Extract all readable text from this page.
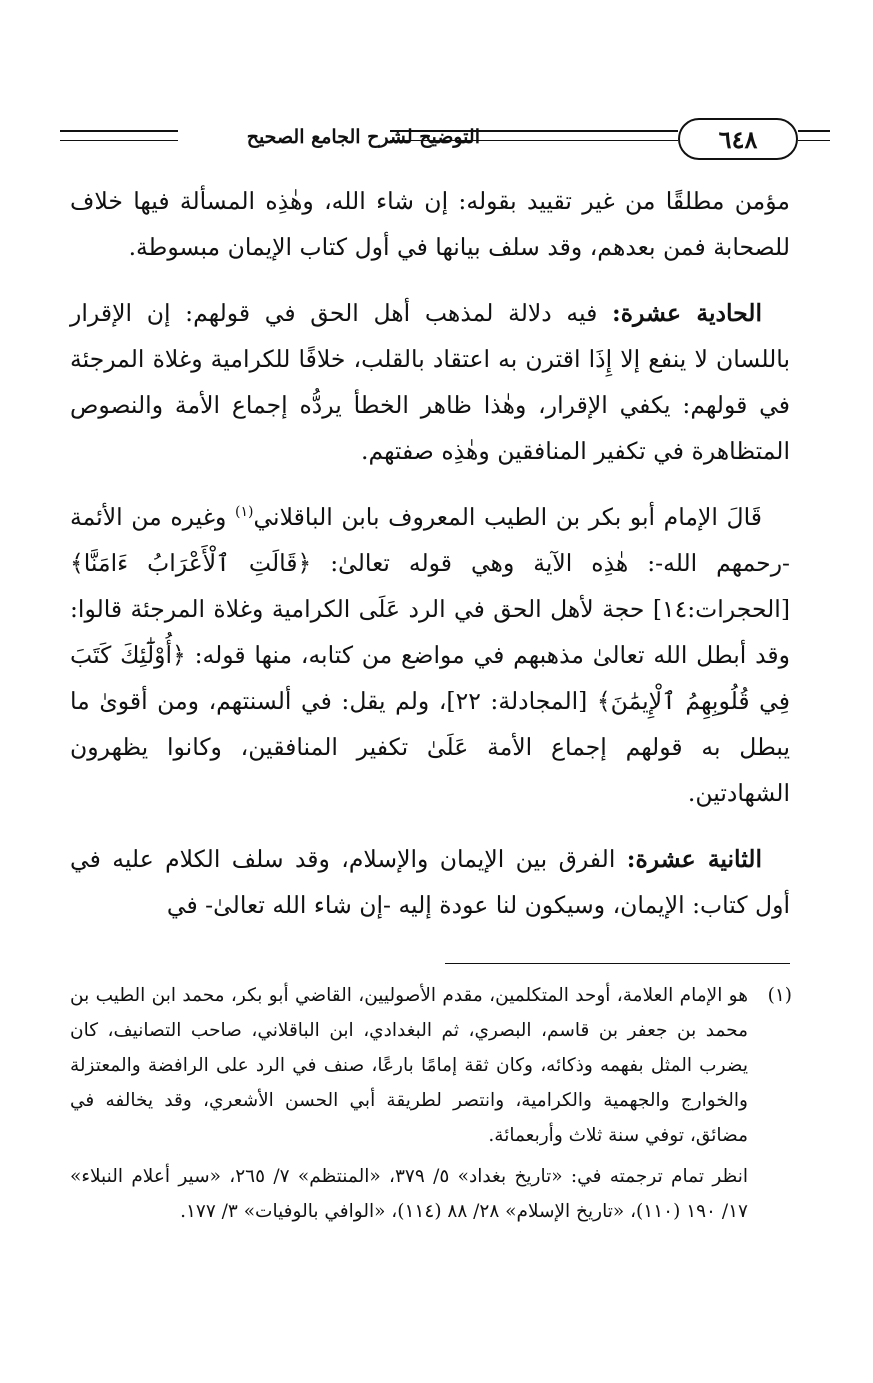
التوضيح لشرح الجامع الصحيح	٦٤٨

مؤمن مطلقًا من غير تقييد بقوله: إن شاء الله، وهٰذِه المسألة فيها خلاف للصحابة فمن بعدهم، وقد سلف بيانها في أول كتاب الإيمان مبسوطة.

الحادية عشرة: فيه دلالة لمذهب أهل الحق في قولهم: إن الإقرار باللسان لا ينفع إلا إِذَا اقترن به اعتقاد بالقلب، خلافًا للكرامية وغلاة المرجئة في قولهم: يكفي الإقرار، وهٰذا ظاهر الخطأ يردُّه إجماع الأمة والنصوص المتظاهرة في تكفير المنافقين وهٰذِه صفتهم.

قَالَ الإمام أبو بكر بن الطيب المعروف بابن الباقلاني$^{(١)}$ وغيره من الأئمة -رحمهم الله-: هٰذِه الآية وهي قوله تعالىٰ: ﴿قَالَتِ ٱلْأَعْرَابُ ءَامَنَّا﴾ [الحجرات:١٤] حجة لأهل الحق في الرد عَلَى الكرامية وغلاة المرجئة قالوا: وقد أبطل الله تعالىٰ مذهبهم في مواضع من كتابه، منها قوله: ﴿أُوْلَٰٓئِكَ كَتَبَ فِي قُلُوبِهِمُ ٱلْإِيمَٰنَ﴾ [المجادلة: ٢٢]، ولم يقل: في ألسنتهم، ومن أقوىٰ ما يبطل به قولهم إجماع الأمة عَلَىٰ تكفير المنافقين، وكانوا يظهرون الشهادتين.

الثانية عشرة: الفرق بين الإيمان والإسلام، وقد سلف الكلام عليه في أول كتاب: الإيمان، وسيكون لنا عودة إليه -إن شاء الله تعالىٰ- في

(١)

هو الإمام العلامة، أوحد المتكلمين، مقدم الأصوليين، القاضي أبو بكر، محمد ابن الطيب بن محمد بن جعفر بن قاسم، البصري، ثم البغدادي، ابن الباقلاني، صاحب التصانيف، كان يضرب المثل بفهمه وذكائه، وكان ثقة إمامًا بارعًا، صنف في الرد على الرافضة والمعتزلة والخوارج والجهمية والكرامية، وانتصر لطريقة أبي الحسن الأشعري، وقد يخالفه في مضائق، توفي سنة ثلاث وأربعمائة.

انظر تمام ترجمته في: «تاريخ بغداد» ٥/ ٣٧٩، «المنتظم» ٧/ ٢٦٥، «سير أعلام النبلاء» ١٧/ ١٩٠ (١١٠)، «تاريخ الإسلام» ٢٨/ ٨٨ (١١٤)، «الوافي بالوفيات» ٣/ ١٧٧.
